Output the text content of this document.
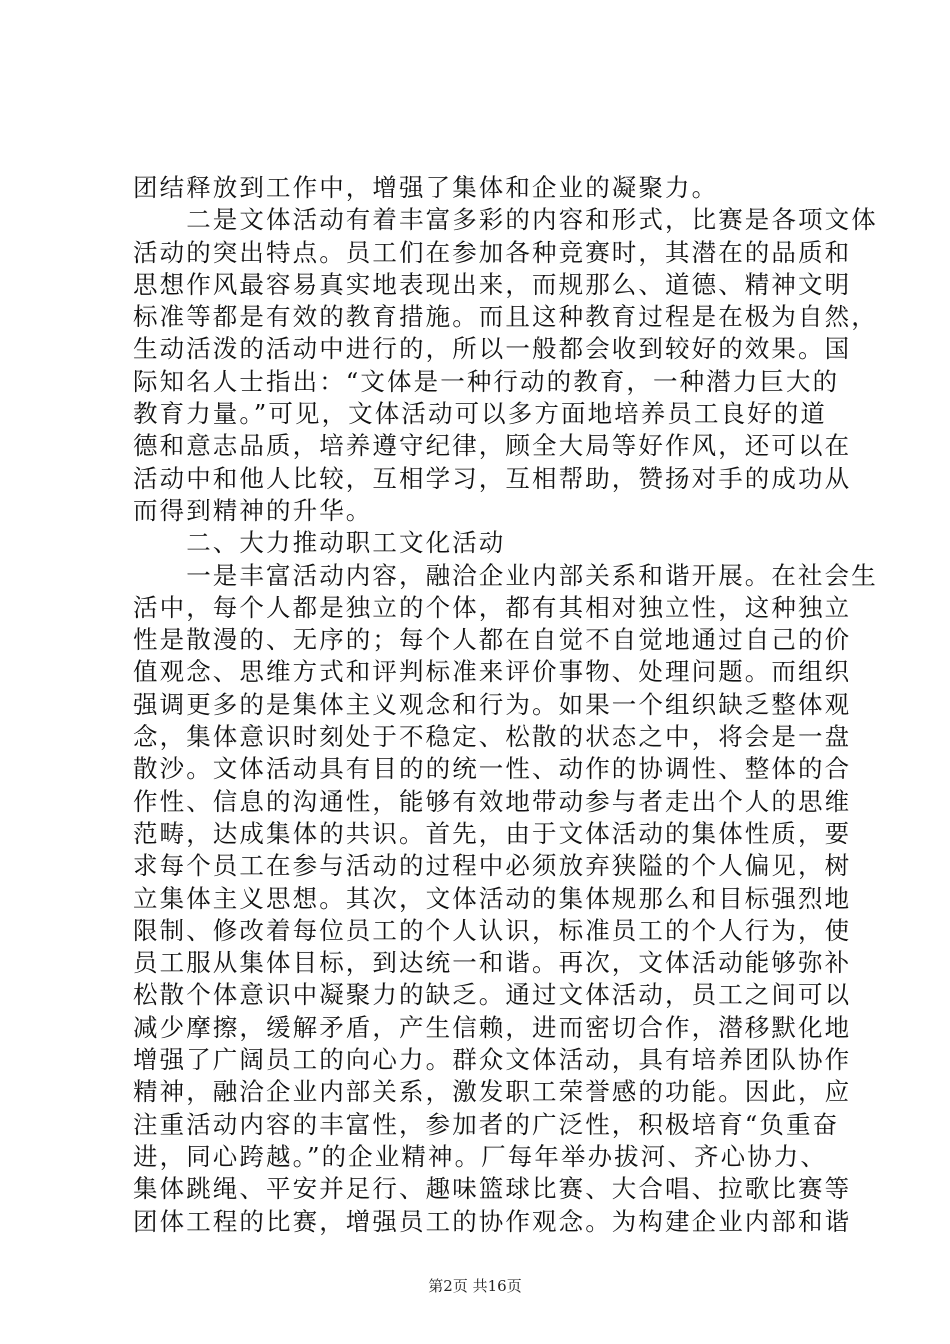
团结释放到工作中，增强了集体和企业的凝聚力。
　　二是文体活动有着丰富多彩的内容和形式，比赛是各项文体
活动的突出特点。员工们在参加各种竞赛时，其潜在的品质和
思想作风最容易真实地表现出来，而规那么、道德、精神文明
标准等都是有效的教育措施。而且这种教育过程是在极为自然，
生动活泼的活动中进行的，所以一般都会收到较好的效果。国
际知名人士指出：“文体是一种行动的教育，一种潜力巨大的
教育力量。”可见，文体活动可以多方面地培养员工良好的道
德和意志品质，培养遵守纪律，顾全大局等好作风，还可以在
活动中和他人比较，互相学习，互相帮助，赞扬对手的成功从
而得到精神的升华。
　　二、大力推动职工文化活动
　　一是丰富活动内容，融洽企业内部关系和谐开展。在社会生
活中，每个人都是独立的个体，都有其相对独立性，这种独立
性是散漫的、无序的；每个人都在自觉不自觉地通过自己的价
值观念、思维方式和评判标准来评价事物、处理问题。而组织
强调更多的是集体主义观念和行为。如果一个组织缺乏整体观
念，集体意识时刻处于不稳定、松散的状态之中，将会是一盘
散沙。文体活动具有目的的统一性、动作的协调性、整体的合
作性、信息的沟通性，能够有效地带动参与者走出个人的思维
范畴，达成集体的共识。首先，由于文体活动的集体性质，要
求每个员工在参与活动的过程中必须放弃狭隘的个人偏见，树
立集体主义思想。其次，文体活动的集体规那么和目标强烈地
限制、修改着每位员工的个人认识，标准员工的个人行为，使
员工服从集体目标，到达统一和谐。再次，文体活动能够弥补
松散个体意识中凝聚力的缺乏。通过文体活动，员工之间可以
减少摩擦，缓解矛盾，产生信赖，进而密切合作，潜移默化地
增强了广阔员工的向心力。群众文体活动，具有培养团队协作
精神，融洽企业内部关系，激发职工荣誉感的功能。因此，应
注重活动内容的丰富性，参加者的广泛性，积极培育“负重奋
进，同心跨越。”的企业精神。厂每年举办拔河、齐心协力、
集体跳绳、平安并足行、趣味篮球比赛、大合唱、拉歌比赛等
团体工程的比赛，增强员工的协作观念。为构建企业内部和谐
第2页 共16页
